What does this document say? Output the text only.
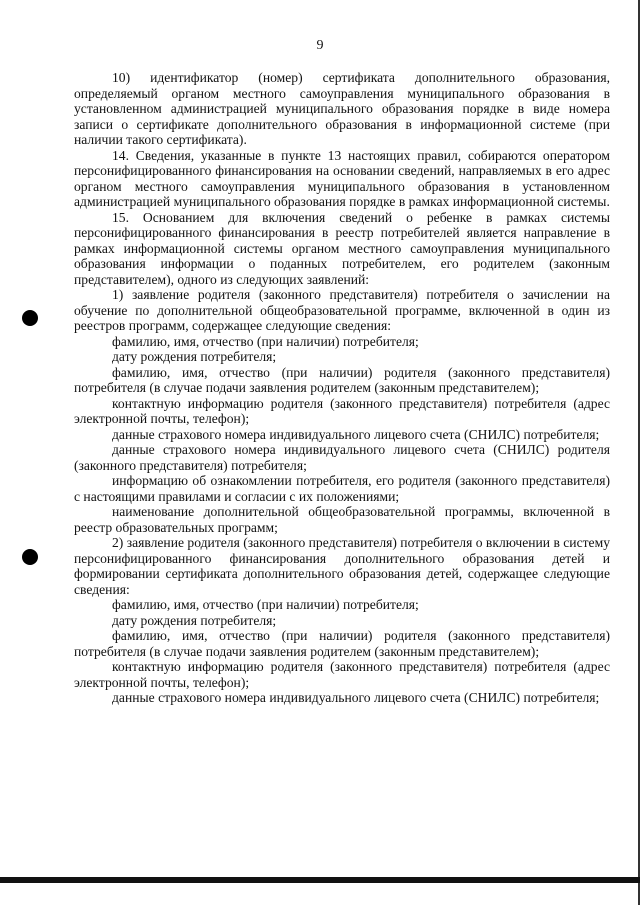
9

10) идентификатор (номер) сертификата дополнительного образования, определяемый органом местного самоуправления муниципального образования в установленном администрацией муниципального образования порядке в виде номера записи о сертификате дополнительного образования в информационной системе (при наличии такого сертификата).

14. Сведения, указанные в пункте 13 настоящих правил, собираются оператором персонифицированного финансирования на основании сведений, направляемых в его адрес органом местного самоуправления муниципального образования в установленном администрацией муниципального образования порядке в рамках информационной системы.

15. Основанием для включения сведений о ребенке в рамках системы персонифицированного финансирования в реестр потребителей является направление в рамках информационной системы органом местного самоуправления муниципального образования информации о поданных потребителем, его родителем (законным представителем), одного из следующих заявлений:

1) заявление родителя (законного представителя) потребителя о зачислении на обучение по дополнительной общеобразовательной программе, включенной в один из реестров программ, содержащее следующие сведения:

фамилию, имя, отчество (при наличии) потребителя;

дату рождения потребителя;

фамилию, имя, отчество (при наличии) родителя (законного представителя) потребителя (в случае подачи заявления родителем (законным представителем);

контактную информацию родителя (законного представителя) потребителя (адрес электронной почты, телефон);

данные страхового номера индивидуального лицевого счета (СНИЛС) потребителя;

данные страхового номера индивидуального лицевого счета (СНИЛС) родителя (законного представителя) потребителя;

информацию об ознакомлении потребителя, его родителя (законного представителя) с настоящими правилами и согласии с их положениями;

наименование дополнительной общеобразовательной программы, включенной в реестр образовательных программ;

2) заявление родителя (законного представителя) потребителя о включении в систему персонифицированного финансирования дополнительного образования детей и формировании сертификата дополнительного образования детей, содержащее следующие сведения:

фамилию, имя, отчество (при наличии) потребителя;

дату рождения потребителя;

фамилию, имя, отчество (при наличии) родителя (законного представителя) потребителя (в случае подачи заявления родителем (законным представителем);

контактную информацию родителя (законного представителя) потребителя (адрес электронной почты, телефон);

данные страхового номера индивидуального лицевого счета (СНИЛС) потребителя;
